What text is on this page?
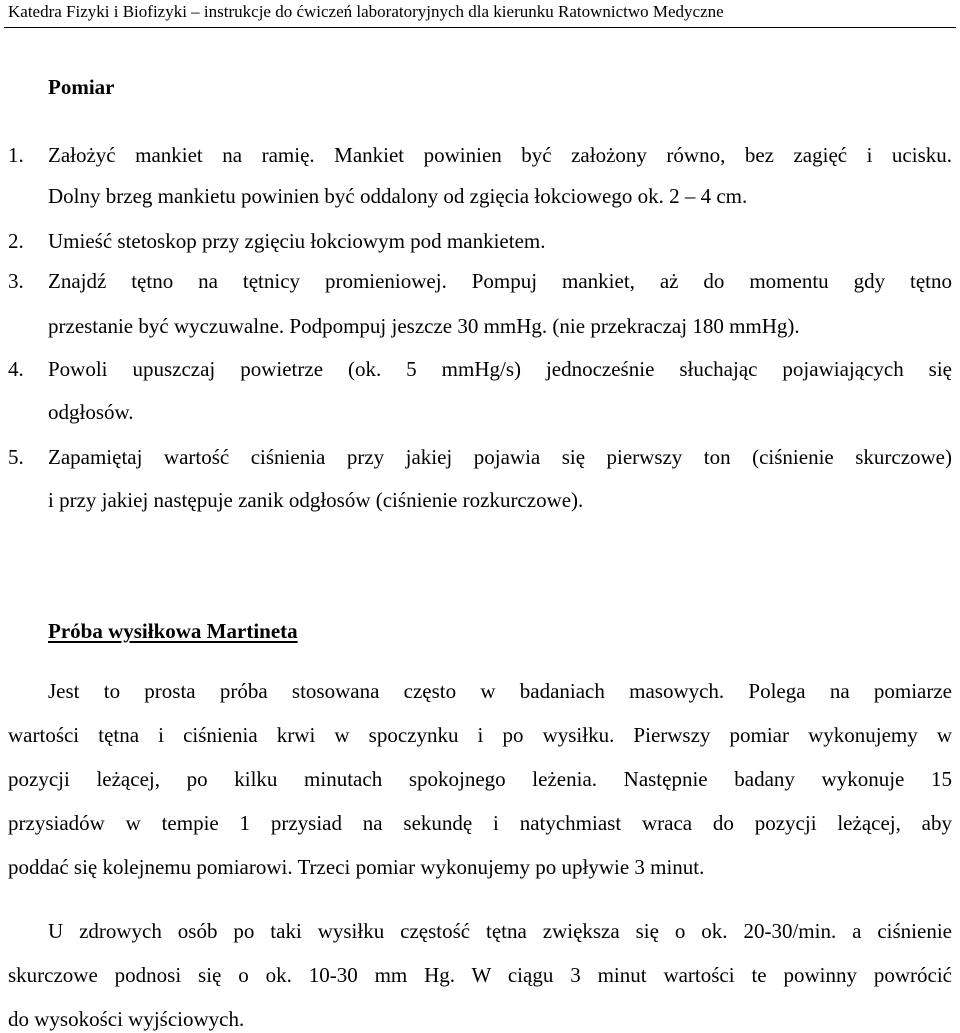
Katedra Fizyki i Biofizyki – instrukcje do ćwiczeń laboratoryjnych dla kierunku Ratownictwo Medyczne
Pomiar
1. Założyć mankiet na ramię. Mankiet powinien być założony równo, bez zagięć i ucisku.
Dolny brzeg mankietu powinien być oddalony od zgięcia łokciowego ok. 2 – 4 cm.
2. Umieść stetoskop przy zgięciu łokciowym pod mankietem.
3. Znajdź tętno na tętnicy promieniowej. Pompuj mankiet, aż do momentu gdy tętno
przestanie być wyczuwalne. Podpompuj jeszcze 30 mmHg. (nie przekraczaj 180 mmHg).
4. Powoli upuszczaj powietrze (ok. 5 mmHg/s) jednocześnie słuchając pojawiających się
odgłosów.
5. Zapamiętaj wartość ciśnienia przy jakiej pojawia się pierwszy ton (ciśnienie skurczowe)
i przy jakiej następuje zanik odgłosów (ciśnienie rozkurczowe).
Próba wysiłkowa Martineta
Jest to prosta próba stosowana często w badaniach masowych. Polega na pomiarze
wartości tętna i ciśnienia krwi w spoczynku i po wysiłku. Pierwszy pomiar wykonujemy w
pozycji leżącej, po kilku minutach spokojnego leżenia. Następnie badany wykonuje 15
przysiadów w tempie 1 przysiad na sekundę i natychmiast wraca do pozycji leżącej, aby
poddać się kolejnemu pomiarowi. Trzeci pomiar wykonujemy po upływie 3 minut.
U zdrowych osób po taki wysiłku częstość tętna zwiększa się o ok. 20-30/min. a ciśnienie
skurczowe podnosi się o ok. 10-30 mm Hg. W ciągu 3 minut wartości te powinny powrócić
do wysokości wyjściowych.
